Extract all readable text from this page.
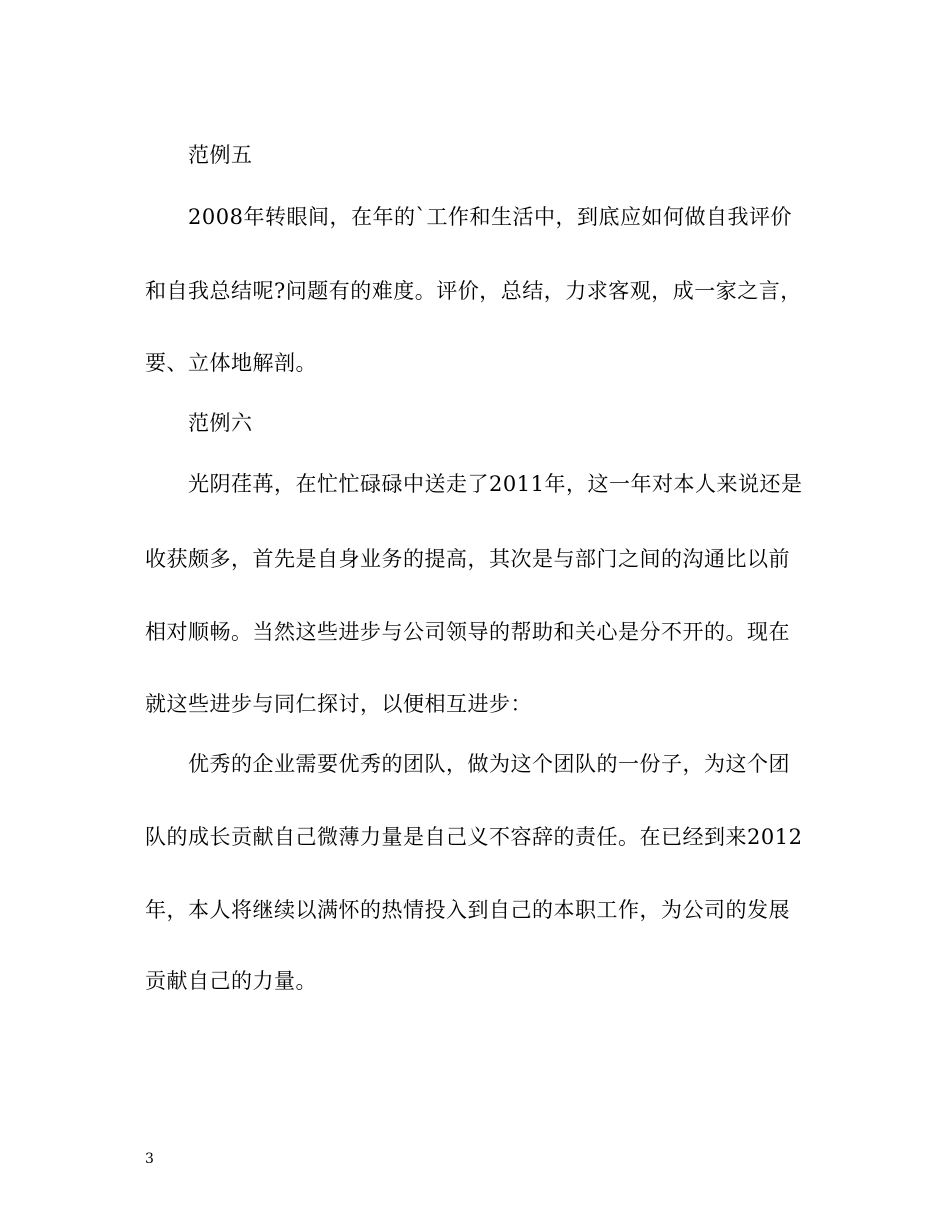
范例五
2008年转眼间，在年的`工作和生活中，到底应如何做自我评价
和自我总结呢?问题有的难度。评价，总结，力求客观，成一家之言，
要、立体地解剖。
范例六
光阴荏苒，在忙忙碌碌中送走了2011年，这一年对本人来说还是
收获颇多，首先是自身业务的提高，其次是与部门之间的沟通比以前
相对顺畅。当然这些进步与公司领导的帮助和关心是分不开的。现在
就这些进步与同仁探讨，以便相互进步：
优秀的企业需要优秀的团队，做为这个团队的一份子，为这个团
队的成长贡献自己微薄力量是自己义不容辞的责任。在已经到来2012
年，本人将继续以满怀的热情投入到自己的本职工作，为公司的发展
贡献自己的力量。
3
